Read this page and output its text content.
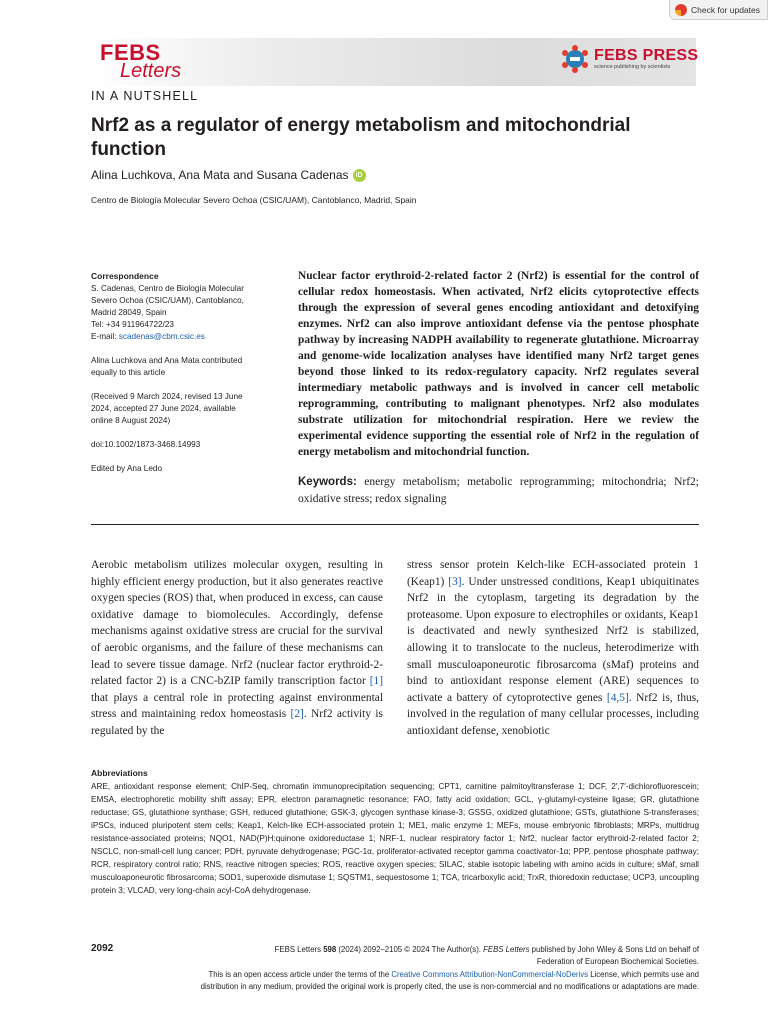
Check for updates
FEBS
Letters
FEBS PRESS
science publishing by scientists
IN A NUTSHELL
Nrf2 as a regulator of energy metabolism and mitochondrial function
Alina Luchkova, Ana Mata and Susana Cadenas	iD
Centro de Biología Molecular Severo Ochoa (CSIC/UAM), Cantoblanco, Madrid, Spain

Correspondence

S. Cadenas, Centro de Biología Molecular

Severo Ochoa (CSIC/UAM), Cantoblanco,

Madrid 28049, Spain

Tel: +34 911964722/23

E-mail: scadenas@cbm.csic.es

Alina Luchkova and Ana Mata contributed

equally to this article

(Received 9 March 2024, revised 13 June

2024, accepted 27 June 2024, available

online 8 August 2024)

doi:10.1002/1873-3468.14993

Edited by Ana Ledo

Nuclear factor erythroid-2-related factor 2 (Nrf2) is essential for the control of cellular redox homeostasis. When activated, Nrf2 elicits cytoprotective effects through the expression of several genes encoding antioxidant and detoxifying enzymes. Nrf2 can also improve antioxidant defense via the pentose phosphate pathway by increasing NADPH availability to regenerate glutathione. Microarray and genome-wide localization analyses have identified many Nrf2 target genes beyond those linked to its redox-regulatory capacity. Nrf2 regulates several intermediary metabolic pathways and is involved in cancer cell metabolic reprogramming, contributing to malignant phenotypes. Nrf2 also modulates substrate utilization for mitochondrial respiration. Here we review the experimental evidence supporting the essential role of Nrf2 in the regulation of energy metabolism and mitochondrial function.

Keywords: energy metabolism; metabolic reprogramming; mitochondria; Nrf2; oxidative stress; redox signaling

Aerobic metabolism utilizes molecular oxygen, resulting in highly efficient energy production, but it also generates reactive oxygen species (ROS) that, when produced in excess, can cause oxidative damage to biomolecules. Accordingly, defense mechanisms against oxidative stress are crucial for the survival of aerobic organisms, and the failure of these mechanisms can lead to severe tissue damage. Nrf2 (nuclear factor erythroid-2-related factor 2) is a CNC-bZIP family transcription factor [1] that plays a central role in protecting against environmental stress and maintaining redox homeostasis [2]. Nrf2 activity is regulated by the

stress sensor protein Kelch-like ECH-associated protein 1 (Keap1) [3]. Under unstressed conditions, Keap1 ubiquitinates Nrf2 in the cytoplasm, targeting its degradation by the proteasome. Upon exposure to electrophiles or oxidants, Keap1 is deactivated and newly synthesized Nrf2 is stabilized, allowing it to translocate to the nucleus, heterodimerize with small musculoaponeurotic fibrosarcoma (sMaf) proteins and bind to antioxidant response element (ARE) sequences to activate a battery of cytoprotective genes [4,5]. Nrf2 is, thus, involved in the regulation of many cellular processes, including antioxidant defense, xenobiotic

Abbreviations

ARE, antioxidant response element; ChIP-Seq, chromatin immunoprecipitation sequencing; CPT1, carnitine palmitoyltransferase 1; DCF, 2′,7′-dichlorofluorescein; EMSA, electrophoretic mobility shift assay; EPR, electron paramagnetic resonance; FAO, fatty acid oxidation; GCL, γ-glutamyl-cysteine ligase; GR, glutathione reductase; GS, glutathione synthase; GSH, reduced glutathione; GSK-3, glycogen synthase kinase-3; GSSG, oxidized glutathione; GSTs, glutathione S-transferases; iPSCs, induced pluripotent stem cells; Keap1, Kelch-like ECH-associated protein 1; ME1, malic enzyme 1; MEFs, mouse embryonic fibroblasts; MRPs, multidrug resistance-associated proteins; NQO1, NAD(P)H:quinone oxidoreductase 1; NRF-1, nuclear respiratory factor 1; Nrf2, nuclear factor erythroid-2-related factor 2; NSCLC, non-small-cell lung cancer; PDH, pyruvate dehydrogenase; PGC-1α, proliferator-activated receptor gamma coactivator-1α; PPP, pentose phosphate pathway; RCR, respiratory control ratio; RNS, reactive nitrogen species; ROS, reactive oxygen species; SILAC, stable isotopic labeling with amino acids in culture; sMaf, small musculoaponeurotic fibrosarcoma; SOD1, superoxide dismutase 1; SQSTM1, sequestosome 1; TCA, tricarboxylic acid; TrxR, thioredoxin reductase; UCP3, uncoupling protein 3; VLCAD, very long-chain acyl-CoA dehydrogenase.

2092	FEBS Letters 598 (2024) 2092–2105 © 2024 The Author(s). FEBS Letters published by John Wiley & Sons Ltd on behalf of
Federation of European Biochemical Societies.
This is an open access article under the terms of the Creative Commons Attribution-NonCommercial-NoDerivs License, which permits use and
distribution in any medium, provided the original work is properly cited, the use is non-commercial and no modifications or adaptations are made.
